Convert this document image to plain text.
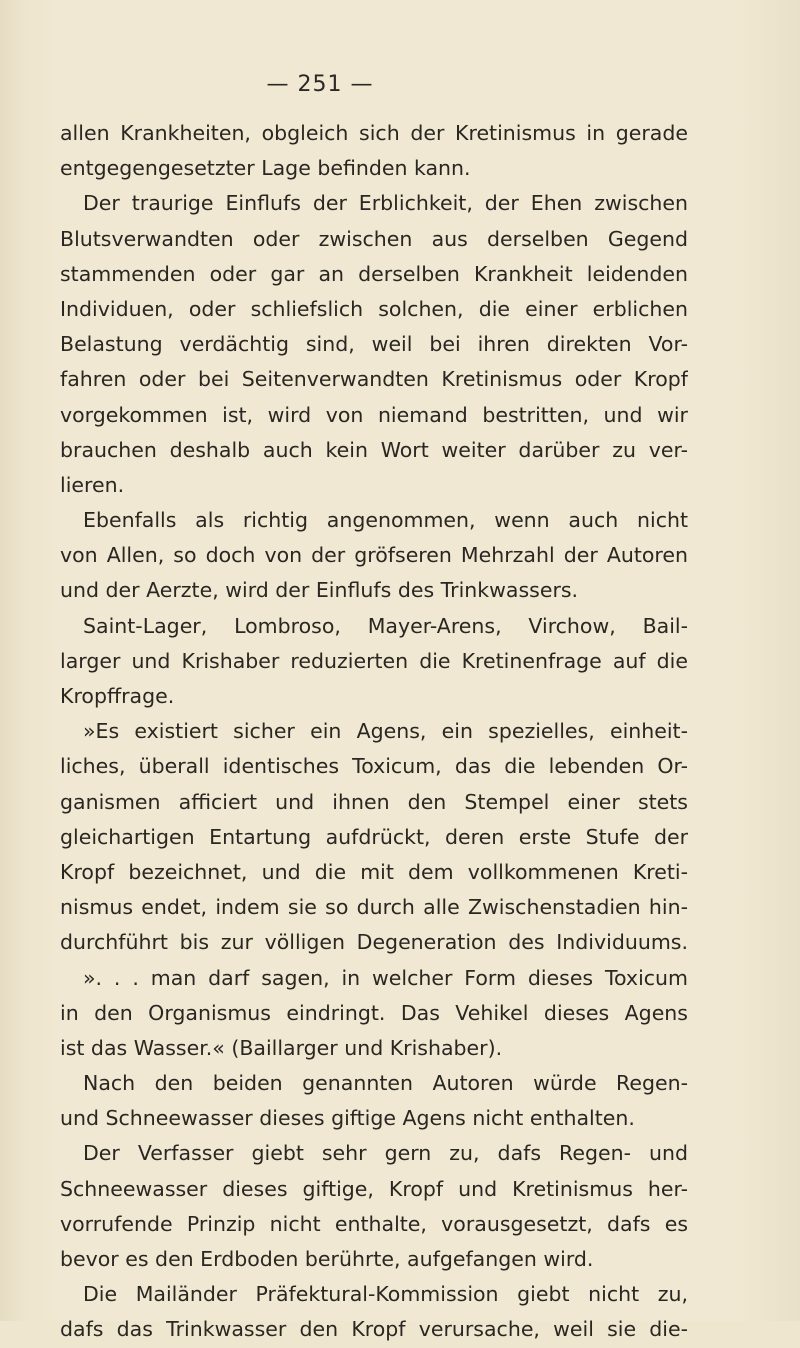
— 251 —
allen Krankheiten, obgleich sich der Kretinismus in gerade
entgegengesetzter Lage befinden kann.
Der traurige Einflufs der Erblichkeit, der Ehen zwischen
Blutsverwandten oder zwischen aus derselben Gegend
stammenden oder gar an derselben Krankheit leidenden
Individuen, oder schliefslich solchen, die einer erblichen
Belastung verdächtig sind, weil bei ihren direkten Vor-
fahren oder bei Seitenverwandten Kretinismus oder Kropf
vorgekommen ist, wird von niemand bestritten, und wir
brauchen deshalb auch kein Wort weiter darüber zu ver-
lieren.
Ebenfalls als richtig angenommen, wenn auch nicht
von Allen, so doch von der gröfseren Mehrzahl der Autoren
und der Aerzte, wird der Einflufs des Trinkwassers.
Saint-Lager, Lombroso, Mayer-Arens, Virchow, Bail-
larger und Krishaber reduzierten die Kretinenfrage auf die
Kropffrage.
»Es existiert sicher ein Agens, ein spezielles, einheit-
liches, überall identisches Toxicum, das die lebenden Or-
ganismen afficiert und ihnen den Stempel einer stets
gleichartigen Entartung aufdrückt, deren erste Stufe der
Kropf bezeichnet, und die mit dem vollkommenen Kreti-
nismus endet, indem sie so durch alle Zwischenstadien hin-
durchführt bis zur völligen Degeneration des Individuums.
». . . man darf sagen, in welcher Form dieses Toxicum
in den Organismus eindringt. Das Vehikel dieses Agens
ist das Wasser.« (Baillarger und Krishaber).
Nach den beiden genannten Autoren würde Regen-
und Schneewasser dieses giftige Agens nicht enthalten.
Der Verfasser giebt sehr gern zu, dafs Regen- und
Schneewasser dieses giftige, Kropf und Kretinismus her-
vorrufende Prinzip nicht enthalte, vorausgesetzt, dafs es
bevor es den Erdboden berührte, aufgefangen wird.
Die Mailänder Präfektural-Kommission giebt nicht zu,
dafs das Trinkwasser den Kropf verursache, weil sie die-
